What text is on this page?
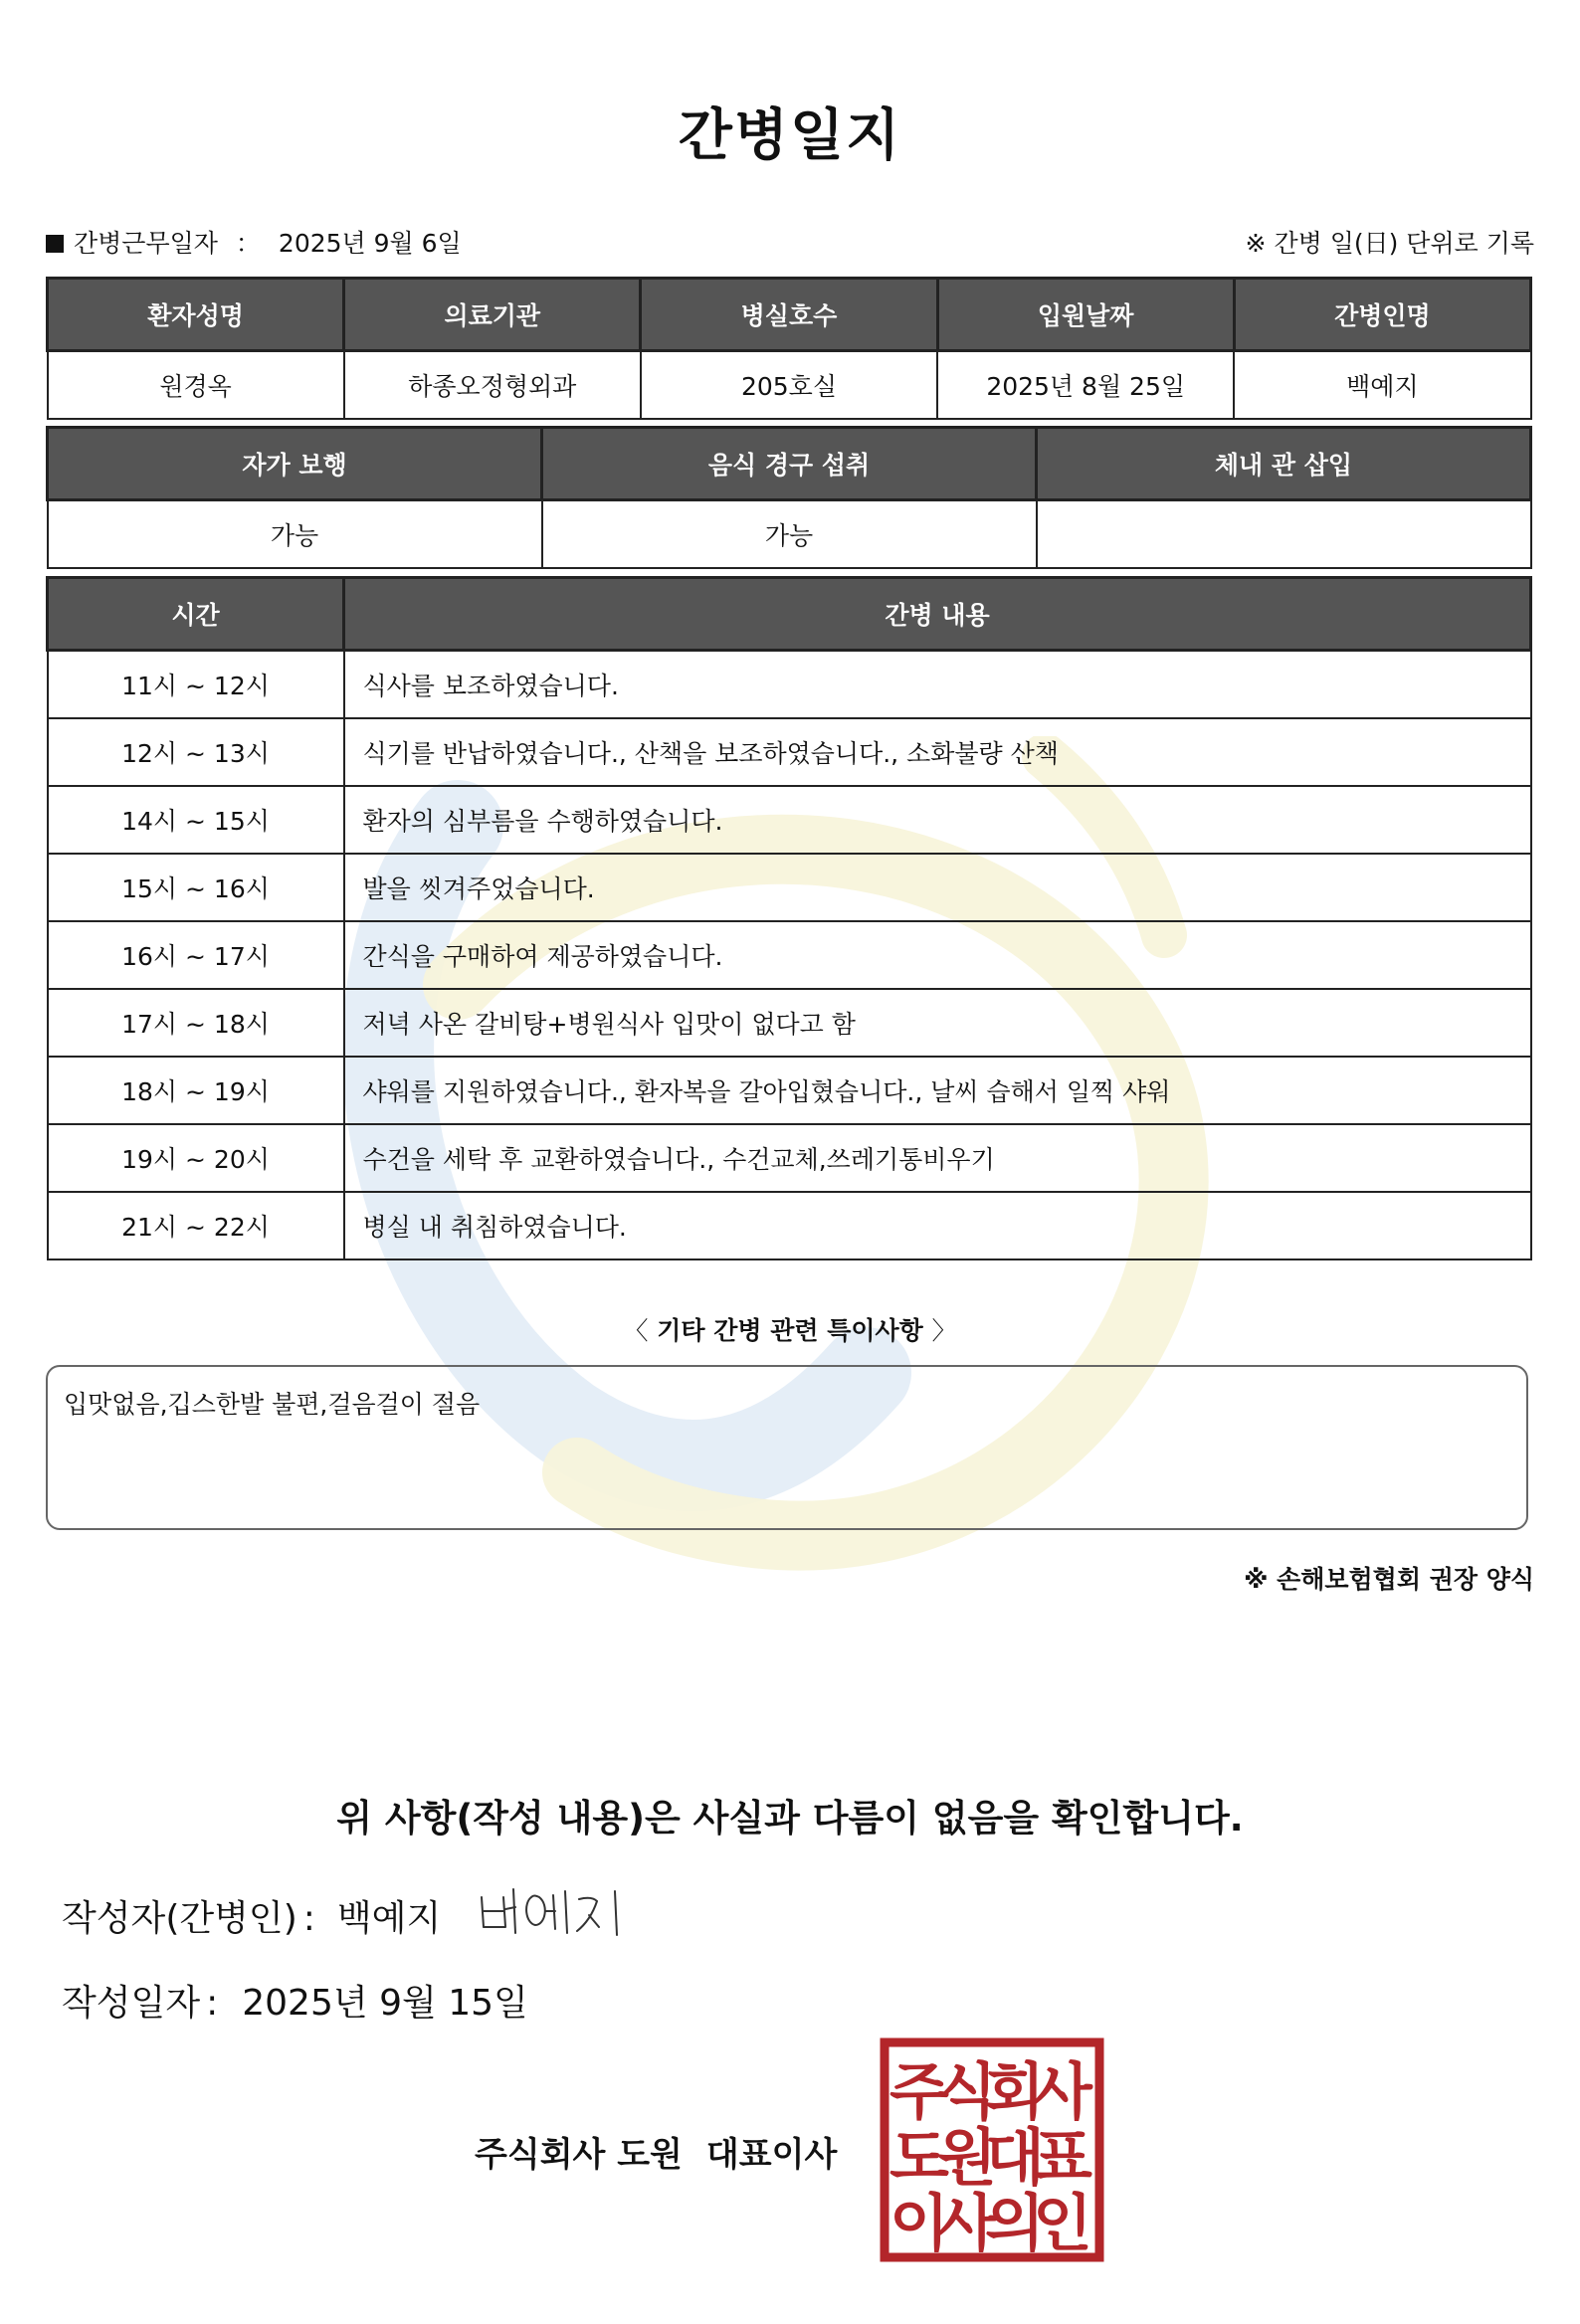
간병일지
간병근무일자 ： 2025년 9월 6일	※ 간병 일(日) 단위로 기록
환자성명	의료기관	병실호수	입원날짜	간병인명
원경옥	하종오정형외과	205호실	2025년 8월 25일	백예지
자가 보행	음식 경구 섭취	체내 관 삽입
가능	가능	
시간	간병 내용
11시 ~ 12시	식사를 보조하였습니다.
12시 ~ 13시	식기를 반납하였습니다., 산책을 보조하였습니다., 소화불량 산책
14시 ~ 15시	환자의 심부름을 수행하였습니다.
15시 ~ 16시	발을 씻겨주었습니다.
16시 ~ 17시	간식을 구매하여 제공하였습니다.
17시 ~ 18시	저녁 사온 갈비탕+병원식사 입맛이 없다고 함
18시 ~ 19시	샤워를 지원하였습니다., 환자복을 갈아입혔습니다., 날씨 습해서 일찍 샤워
19시 ~ 20시	수건을 세탁 후 교환하였습니다., 수건교체,쓰레기통비우기
21시 ~ 22시	병실 내 취침하였습니다.
〈 기타 간병 관련 특이사항 〉
입맛없음,깁스한발 불편,걸음걸이 절음
※ 손해보험협회 권장 양식
위 사항(작성 내용)은 사실과 다름이 없음을 확인합니다.
작성자(간병인) : 백예지
작성일자 : 2025년 9월 15일
주식회사 도원 대표이사
주
식
회
사
도
원
대
표
이
사
의
인
